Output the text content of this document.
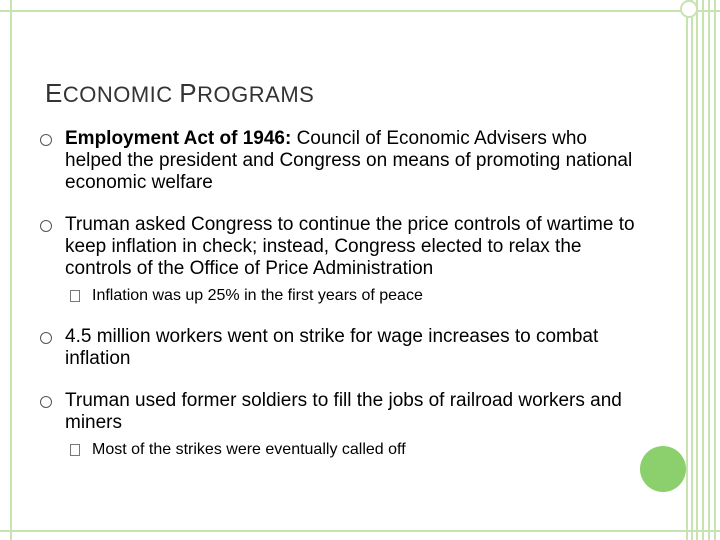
ECONOMIC PROGRAMS
Employment Act of 1946: Council of Economic Advisers who helped the president and Congress on means of promoting national economic welfare
Truman asked Congress to continue the price controls of wartime to keep inflation in check; instead, Congress elected to relax the controls of the Office of Price Administration
Inflation was up 25% in the first years of peace
4.5 million workers went on strike for wage increases to combat inflation
Truman used former soldiers to fill the jobs of railroad workers and miners
Most of the strikes were eventually called off
